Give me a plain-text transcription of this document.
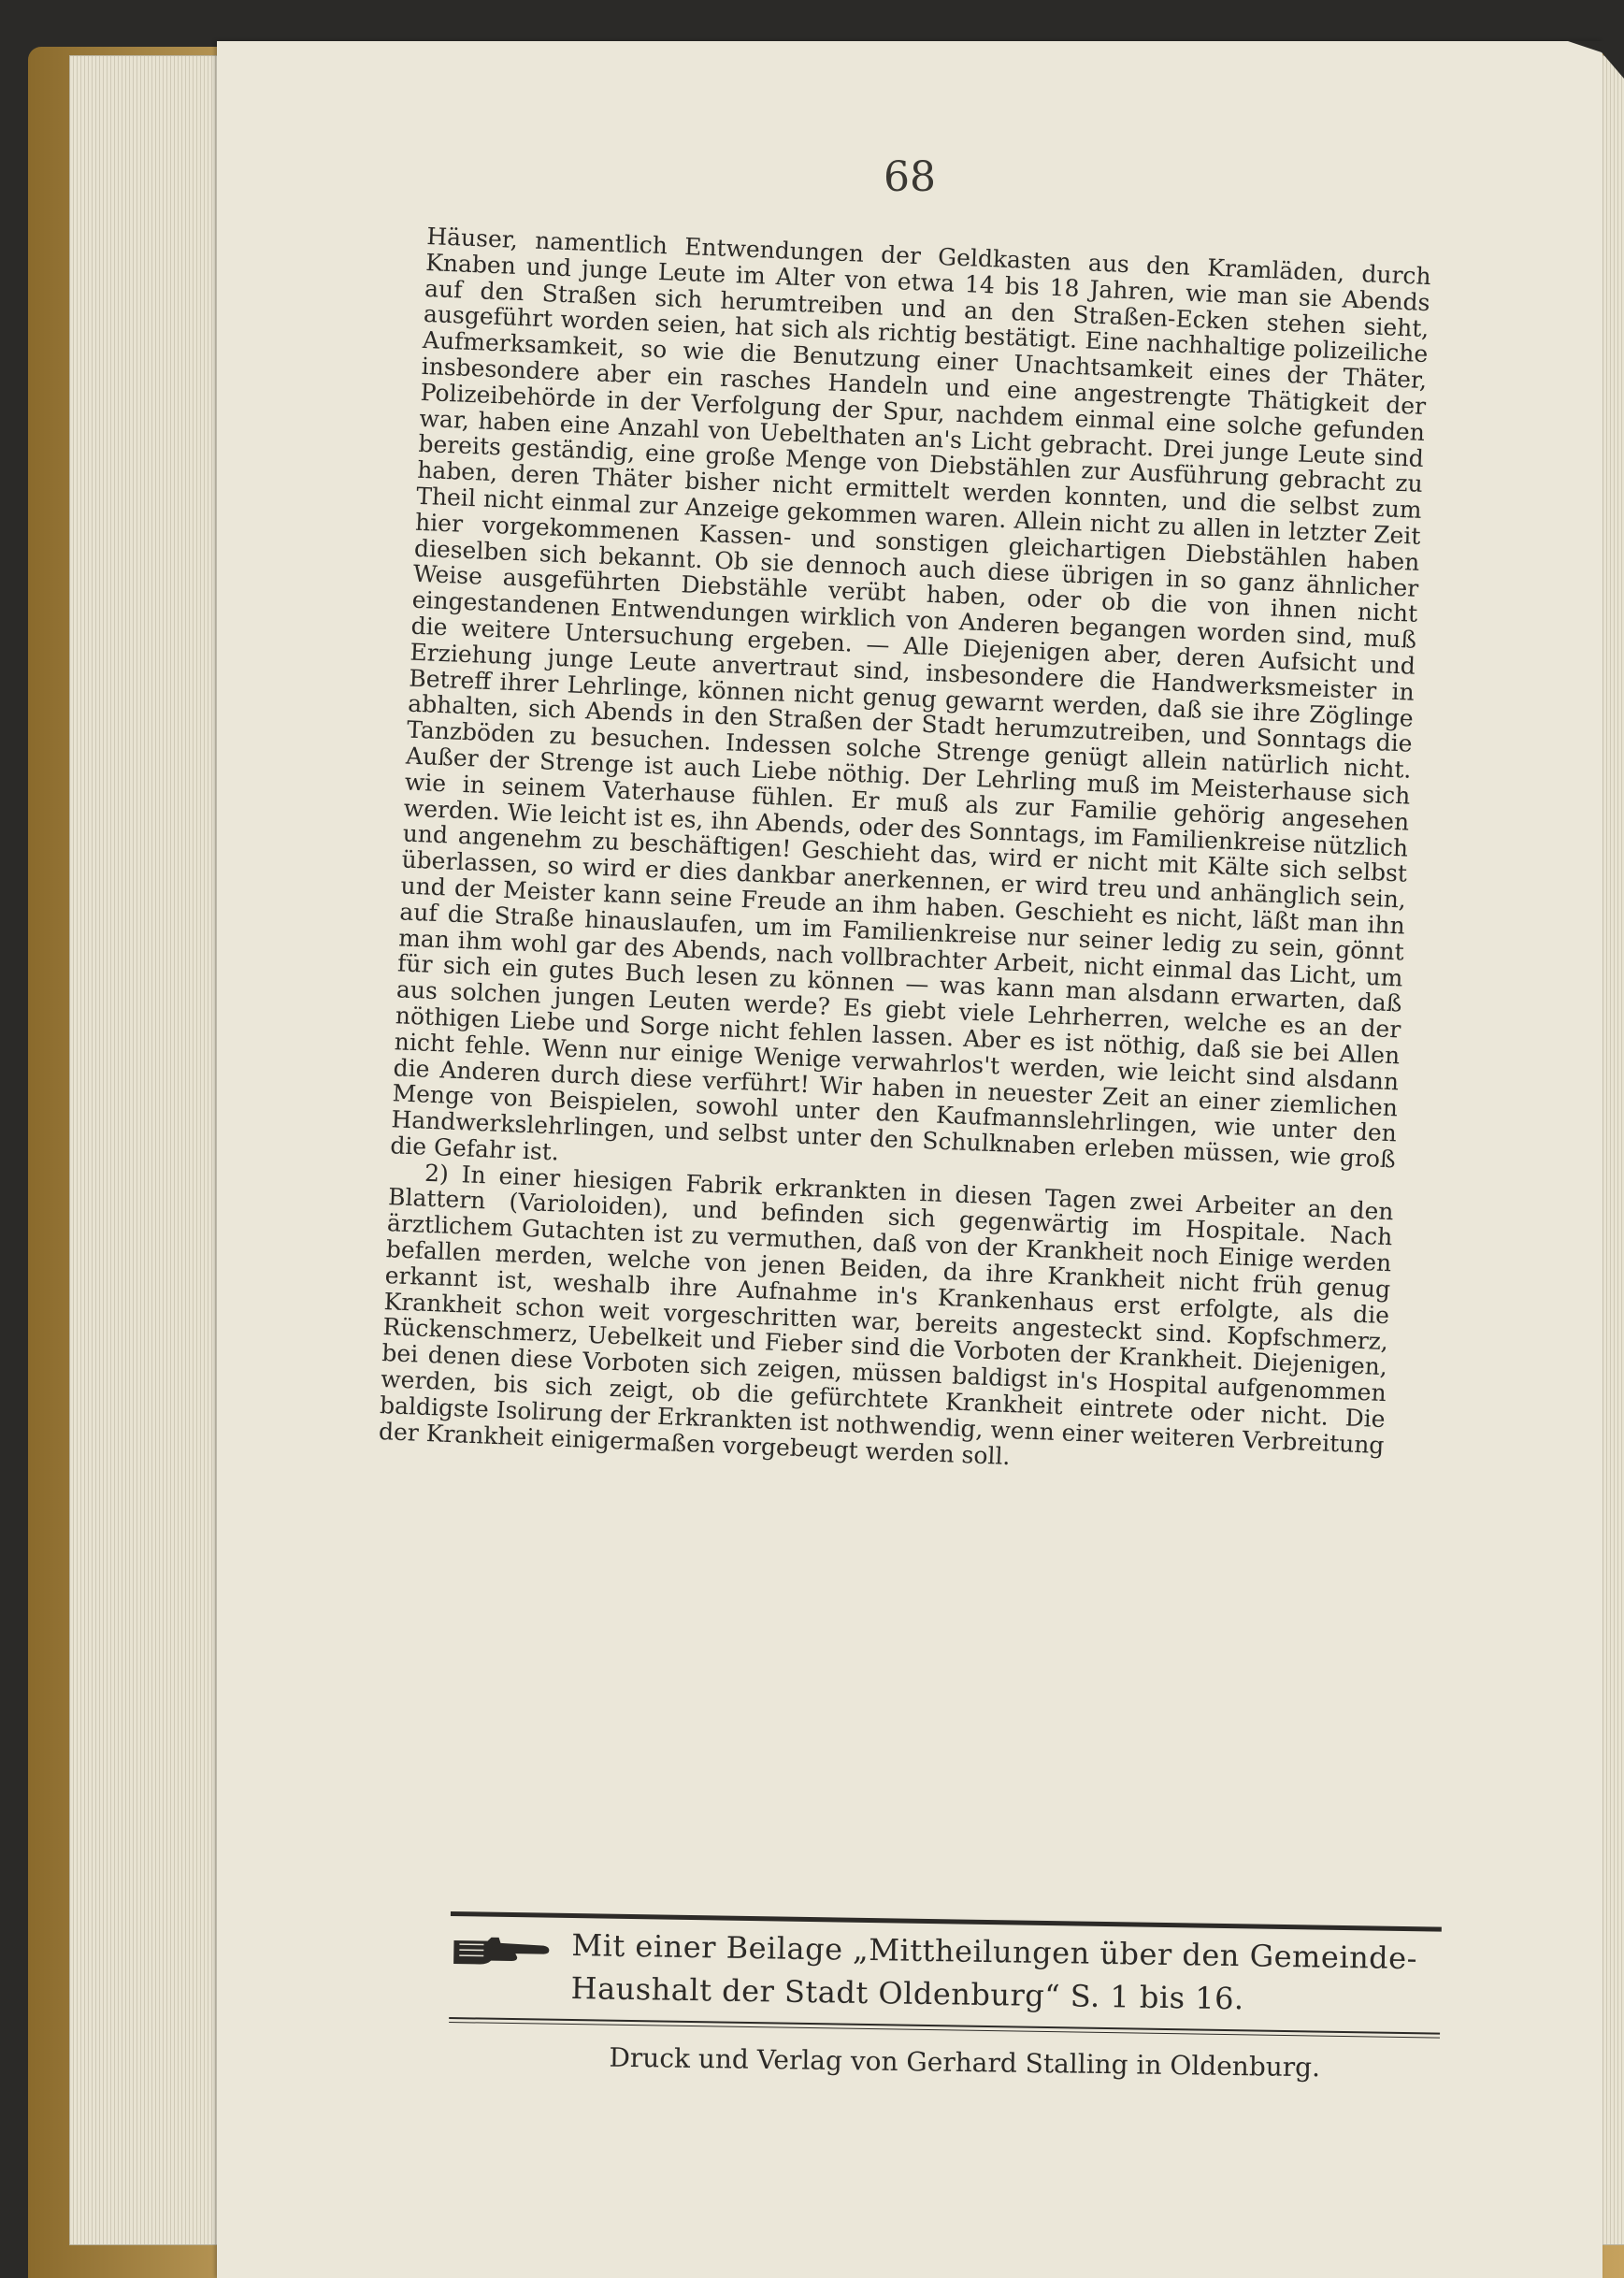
68

Häuser, namentlich Entwendungen der Geldkasten aus den Kramläden, durch Knaben und junge Leute im Alter von etwa 14 bis 18 Jahren, wie man sie Abends auf den Straßen sich herumtreiben und an den Straßen-Ecken stehen sieht, ausgeführt worden seien, hat sich als richtig bestätigt. Eine nachhaltige polizeiliche Aufmerksamkeit, so wie die Benutzung einer Unachtsamkeit eines der Thäter, insbesondere aber ein rasches Handeln und eine angestrengte Thätigkeit der Polizeibehörde in der Verfolgung der Spur, nachdem einmal eine solche gefunden war, haben eine Anzahl von Uebelthaten an's Licht gebracht. Drei junge Leute sind bereits geständig, eine große Menge von Diebstählen zur Ausführung gebracht zu haben, deren Thäter bisher nicht ermittelt werden konnten, und die selbst zum Theil nicht einmal zur Anzeige gekommen waren. Allein nicht zu allen in letzter Zeit hier vorgekommenen Kassen- und sonstigen gleichartigen Diebstählen haben dieselben sich bekannt. Ob sie dennoch auch diese übrigen in so ganz ähnlicher Weise ausgeführten Diebstähle verübt haben, oder ob die von ihnen nicht eingestandenen Entwendungen wirklich von Anderen begangen worden sind, muß die weitere Untersuchung ergeben. — Alle Diejenigen aber, deren Aufsicht und Erziehung junge Leute anvertraut sind, insbesondere die Handwerksmeister in Betreff ihrer Lehrlinge, können nicht genug gewarnt werden, daß sie ihre Zöglinge abhalten, sich Abends in den Straßen der Stadt herumzutreiben, und Sonntags die Tanzböden zu besuchen. Indessen solche Strenge genügt allein natürlich nicht. Außer der Strenge ist auch Liebe nöthig. Der Lehrling muß im Meisterhause sich wie in seinem Vaterhause fühlen. Er muß als zur Familie gehörig angesehen werden. Wie leicht ist es, ihn Abends, oder des Sonntags, im Familienkreise nützlich und angenehm zu beschäftigen! Geschieht das, wird er nicht mit Kälte sich selbst überlassen, so wird er dies dankbar anerkennen, er wird treu und anhänglich sein, und der Meister kann seine Freude an ihm haben. Geschieht es nicht, läßt man ihn auf die Straße hinauslaufen, um im Familienkreise nur seiner ledig zu sein, gönnt man ihm wohl gar des Abends, nach vollbrachter Arbeit, nicht einmal das Licht, um für sich ein gutes Buch lesen zu können — was kann man alsdann erwarten, daß aus solchen jungen Leuten werde? Es giebt viele Lehrherren, welche es an der nöthigen Liebe und Sorge nicht fehlen lassen. Aber es ist nöthig, daß sie bei Allen nicht fehle. Wenn nur einige Wenige verwahrlos't werden, wie leicht sind alsdann die Anderen durch diese verführt! Wir haben in neuester Zeit an einer ziemlichen Menge von Beispielen, sowohl unter den Kaufmannslehrlingen, wie unter den Handwerkslehrlingen, und selbst unter den Schulknaben erleben müssen, wie groß die Gefahr ist.

2) In einer hiesigen Fabrik erkrankten in diesen Tagen zwei Arbeiter an den Blattern (Varioloiden), und befinden sich gegenwärtig im Hospitale. Nach ärztlichem Gutachten ist zu vermuthen, daß von der Krankheit noch Einige werden befallen merden, welche von jenen Beiden, da ihre Krankheit nicht früh genug erkannt ist, weshalb ihre Aufnahme in's Krankenhaus erst erfolgte, als die Krankheit schon weit vorgeschritten war, bereits angesteckt sind. Kopfschmerz, Rückenschmerz, Uebelkeit und Fieber sind die Vorboten der Krankheit. Diejenigen, bei denen diese Vorboten sich zeigen, müssen baldigst in's Hospital aufgenommen werden, bis sich zeigt, ob die gefürchtete Krankheit eintrete oder nicht. Die baldigste Isolirung der Erkrankten ist nothwendig, wenn einer weiteren Verbreitung der Krankheit einigermaßen vorgebeugt werden soll.

Mit einer Beilage „Mittheilungen über den Gemeinde-Haushalt der Stadt Oldenburg“ S. 1 bis 16.
Druck und Verlag von Gerhard Stalling in Oldenburg.
